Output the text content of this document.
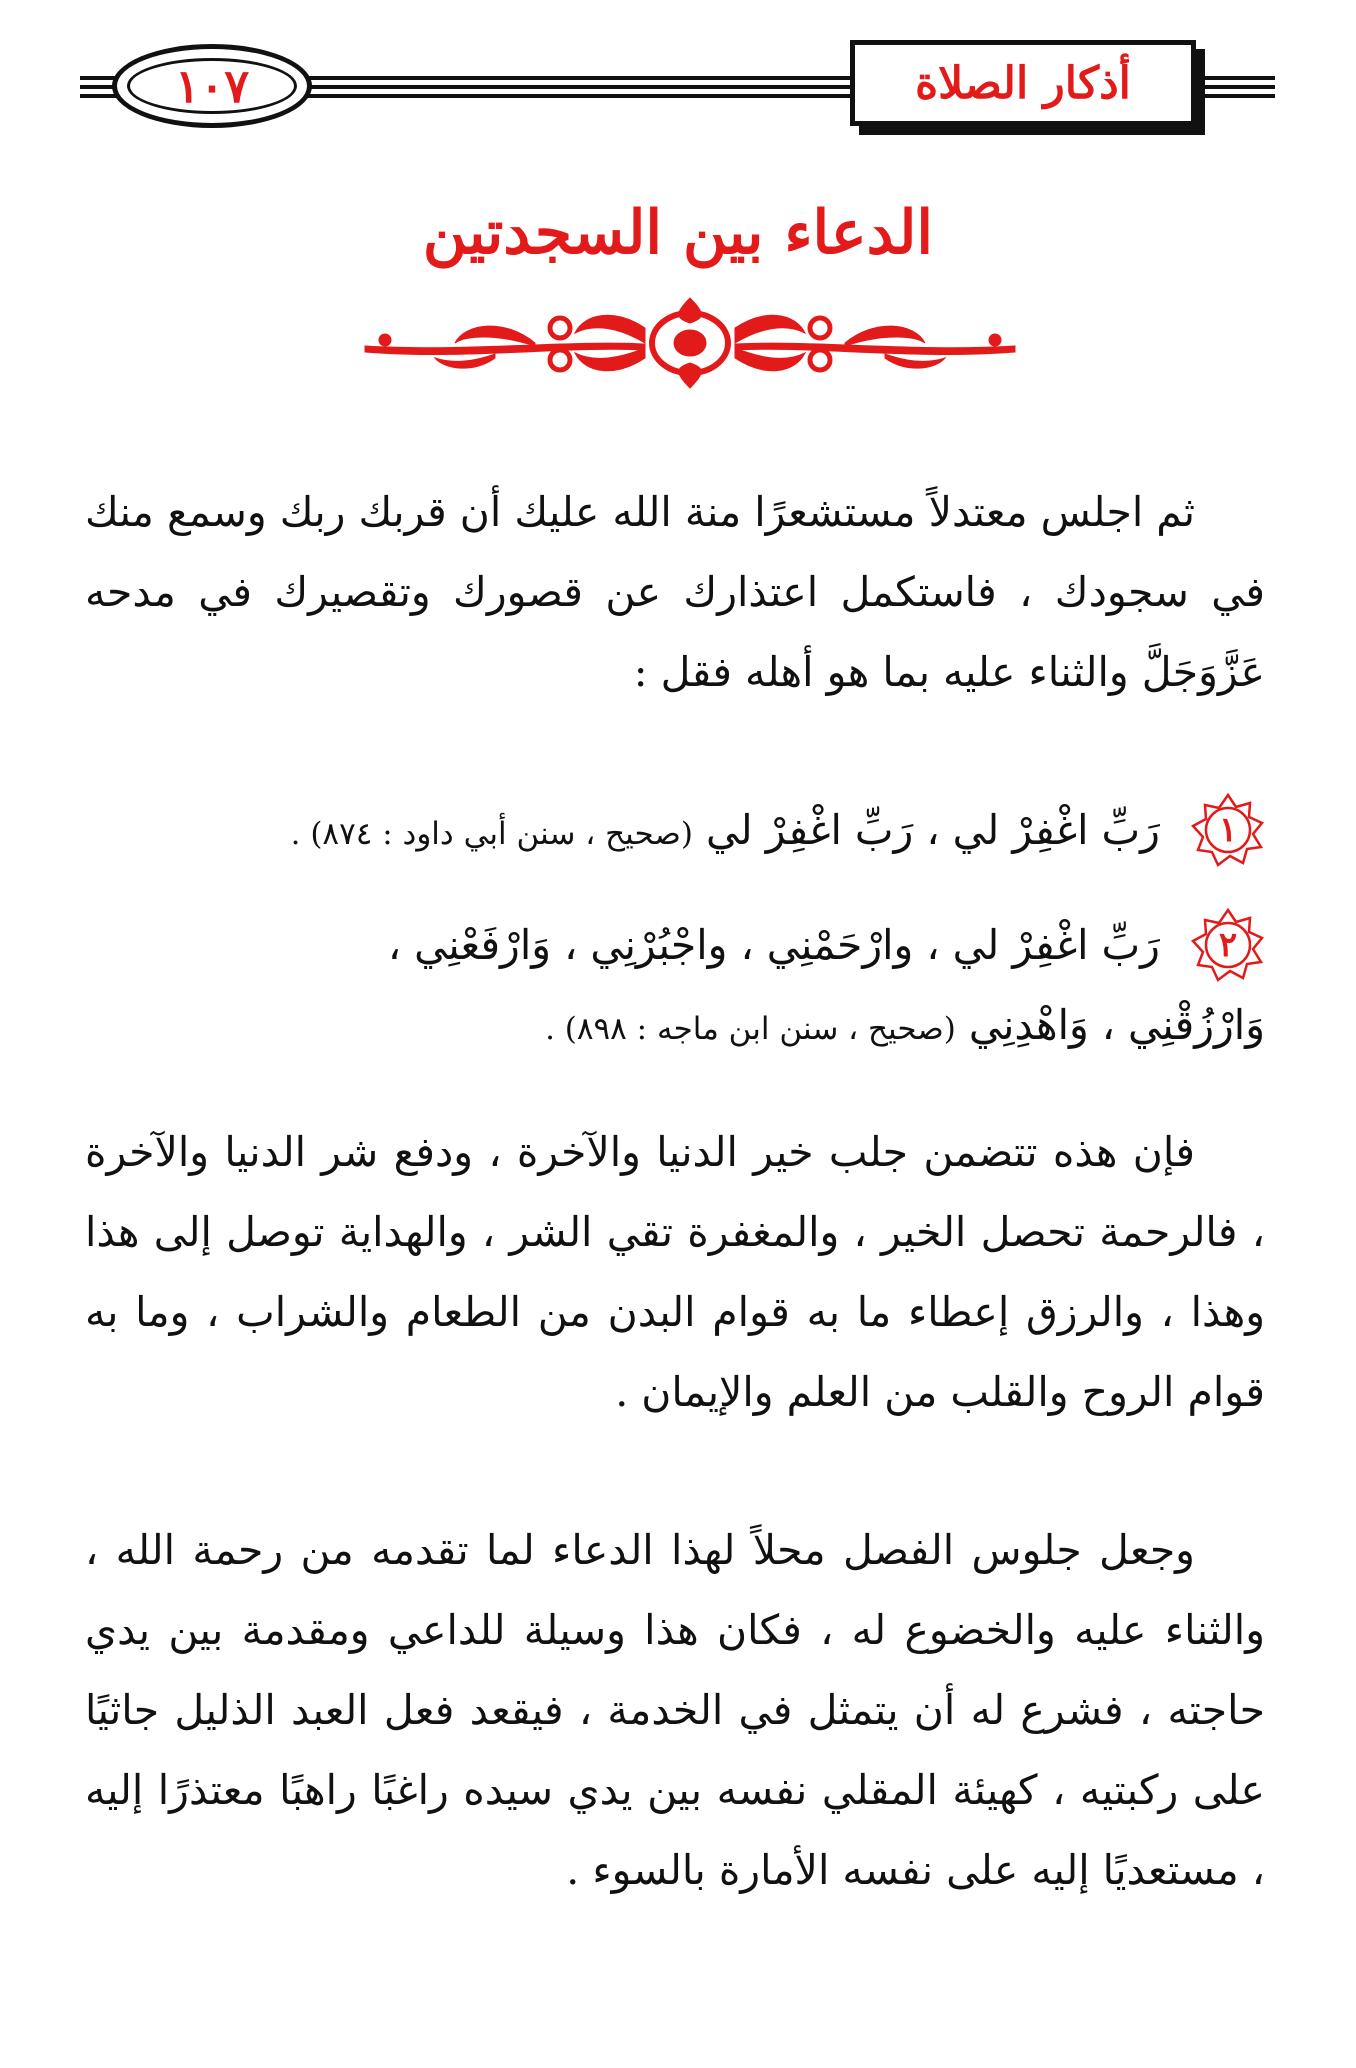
١٠٧	أذكار الصلاة
الدعاء بين السجدتين
ثم اجلس معتدلاً مستشعرًا منة الله عليك أن قربك ربك وسمع منك في سجودك ، فاستكمل اعتذارك عن قصورك وتقصيرك في مدحه عَزَّوَجَلَّ والثناء عليه بما هو أهله فقل :
١
رَبِّ اغْفِرْ لي ، رَبِّ اغْفِرْ لي (صحيح ، سنن أبي داود : ٨٧٤) .
٢
رَبِّ اغْفِرْ لي ، وارْحَمْنِي ، واجْبُرْنِي ، وَارْفَعْنِي ،
وَارْزُقْنِي ، وَاهْدِنِي (صحيح ، سنن ابن ماجه : ٨٩٨) .
فإن هذه تتضمن جلب خير الدنيا والآخرة ، ودفع شر الدنيا والآخرة ، فالرحمة تحصل الخير ، والمغفرة تقي الشر ، والهداية توصل إلى هذا وهذا ، والرزق إعطاء ما به قوام البدن من الطعام والشراب ، وما به قوام الروح والقلب من العلم والإيمان .
وجعل جلوس الفصل محلاً لهذا الدعاء لما تقدمه من رحمة الله ، والثناء عليه والخضوع له ، فكان هذا وسيلة للداعي ومقدمة بين يدي حاجته ، فشرع له أن يتمثل في الخدمة ، فيقعد فعل العبد الذليل جاثيًا على ركبتيه ، كهيئة المقلي نفسه بين يدي سيده راغبًا راهبًا معتذرًا إليه ، مستعديًا إليه على نفسه الأمارة بالسوء .
